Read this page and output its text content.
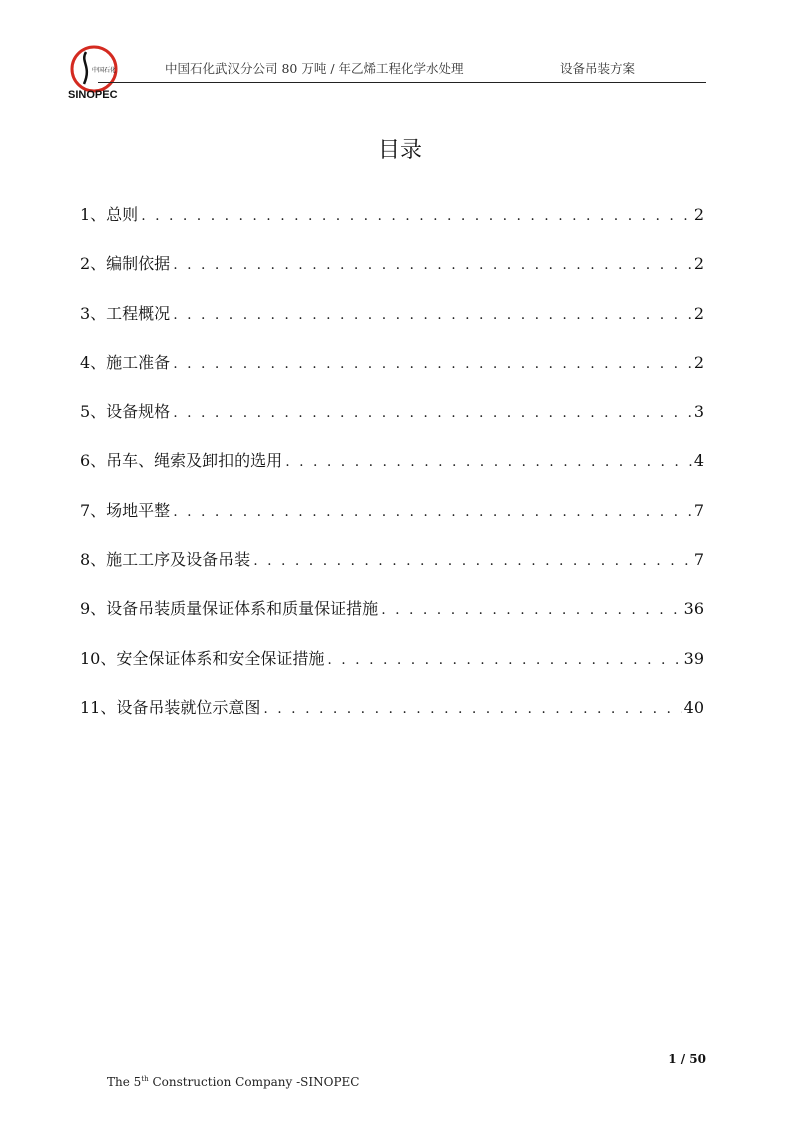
中国石化
SINOPEC
中国石化武汉分公司 80 万吨 / 年乙烯工程化学水处理	设备吊装方案
目录
1、总则 . . .	2
2、编制依据 . . .	2
3、工程概况 . . .	2
4、施工准备 . . .	2
5、设备规格 . . .	3
6、吊车、绳索及卸扣的选用 . . .	4
7、场地平整 . . .	7
8、施工工序及设备吊装 . . .	7
9、设备吊装质量保证体系和质量保证措施 . . .	36
10、安全保证体系和安全保证措施 . . .	39
11、设备吊装就位示意图 . . .	40
1 / 50
The 5th Construction Company -SINOPEC
